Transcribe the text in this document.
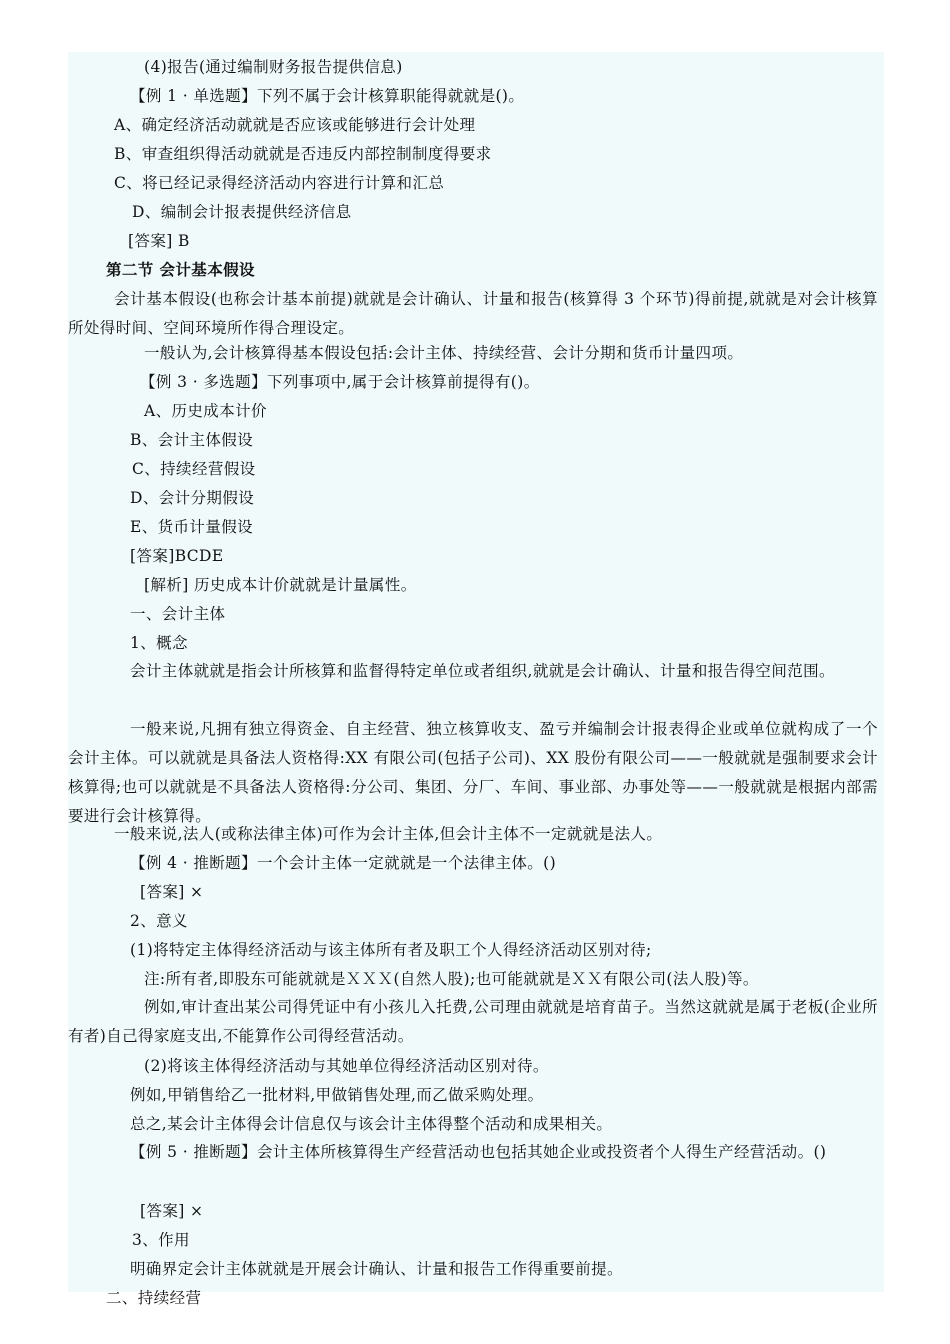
(4)报告(通过编制财务报告提供信息)
【例 1 · 单选题】下列不属于会计核算职能得就就是()。
A、确定经济活动就就是否应该或能够进行会计处理
B、审查组织得活动就就是否违反内部控制制度得要求
C、将已经记录得经济活动内容进行计算和汇总
D、编制会计报表提供经济信息
[答案] B
第二节 会计基本假设
会计基本假设(也称会计基本前提)就就是会计确认、计量和报告(核算得 3 个环节)得前提,就就是对会计核算所处得时间、空间环境所作得合理设定。
一般认为,会计核算得基本假设包括:会计主体、持续经营、会计分期和货币计量四项。
【例 3 · 多选题】下列事项中,属于会计核算前提得有()。
A、历史成本计价
B、会计主体假设
C、持续经营假设
D、会计分期假设
E、货币计量假设
[答案]BCDE
[解析] 历史成本计价就就是计量属性。
一、会计主体
1、概念
会计主体就就是指会计所核算和监督得特定单位或者组织,就就是会计确认、计量和报告得空间范围。
一般来说,凡拥有独立得资金、自主经营、独立核算收支、盈亏并编制会计报表得企业或单位就构成了一个会计主体。可以就就是具备法人资格得:XX 有限公司(包括子公司)、XX 股份有限公司——一般就就是强制要求会计核算得;也可以就就是不具备法人资格得:分公司、集团、分厂、车间、事业部、办事处等——一般就就是根据内部需要进行会计核算得。
一般来说,法人(或称法律主体)可作为会计主体,但会计主体不一定就就是法人。
【例 4 · 推断题】一个会计主体一定就就是一个法律主体。()
[答案] ×
2、意义
(1)将特定主体得经济活动与该主体所有者及职工个人得经济活动区别对待;
注:所有者,即股东可能就就是ＸＸＸ(自然人股);也可能就就是ＸＸ有限公司(法人股)等。
例如,审计查出某公司得凭证中有小孩儿入托费,公司理由就就是培育苗子。当然这就就是属于老板(企业所有者)自己得家庭支出,不能算作公司得经营活动。
(2)将该主体得经济活动与其她单位得经济活动区别对待。
例如,甲销售给乙一批材料,甲做销售处理,而乙做采购处理。
总之,某会计主体得会计信息仅与该会计主体得整个活动和成果相关。
【例 5 · 推断题】会计主体所核算得生产经营活动也包括其她企业或投资者个人得生产经营活动。()
[答案] ×
3、作用
明确界定会计主体就就是开展会计确认、计量和报告工作得重要前提。
二、持续经营
